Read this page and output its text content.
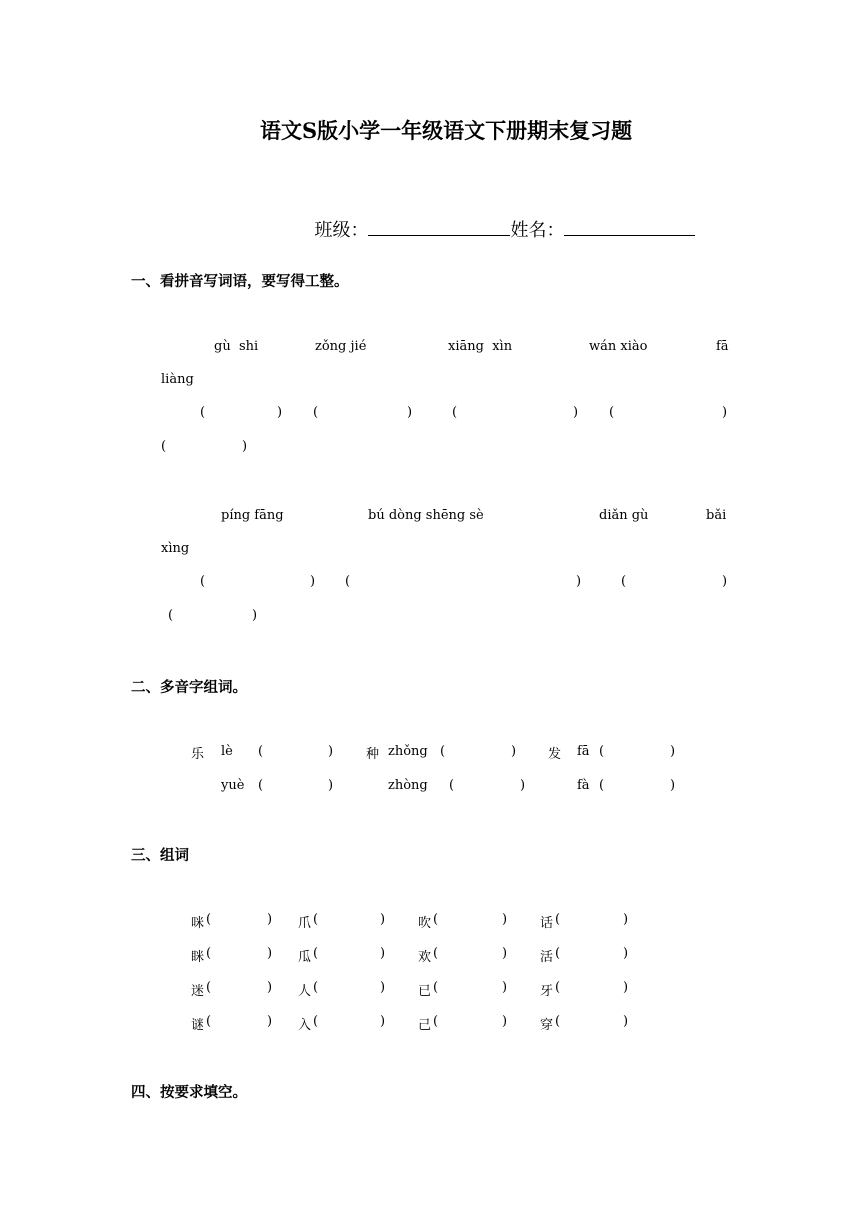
语文S版小学一年级语文下册期末复习题

班级：	姓名：

一、看拼音写词语，要写得工整。
gù  shi	zǒng jié	xiāng  xìn	wán xiào	fā
liàng
(	) (	)	(	) (	)
(	)
píng fāng	bú dòng shēng sè	diǎn gù	bǎi
xìng
(	) (	)	(	)
(	)
二、多音字组词。
乐 lè (	)	种 zhǒng (	) 发 fā (	)
yuè (	)	zhòng (	)	fà (	)
三、组词
咪 (	) 爪 (	)	吹 (	)	话 (	)
眯 (	) 瓜 (	)	欢 (	)	活 (	)
迷 (	) 人 (	)	已 (	)	牙 (	)
谜 (	) 入 (	)	己 (	)	穿 (	)
四、按要求填空。
